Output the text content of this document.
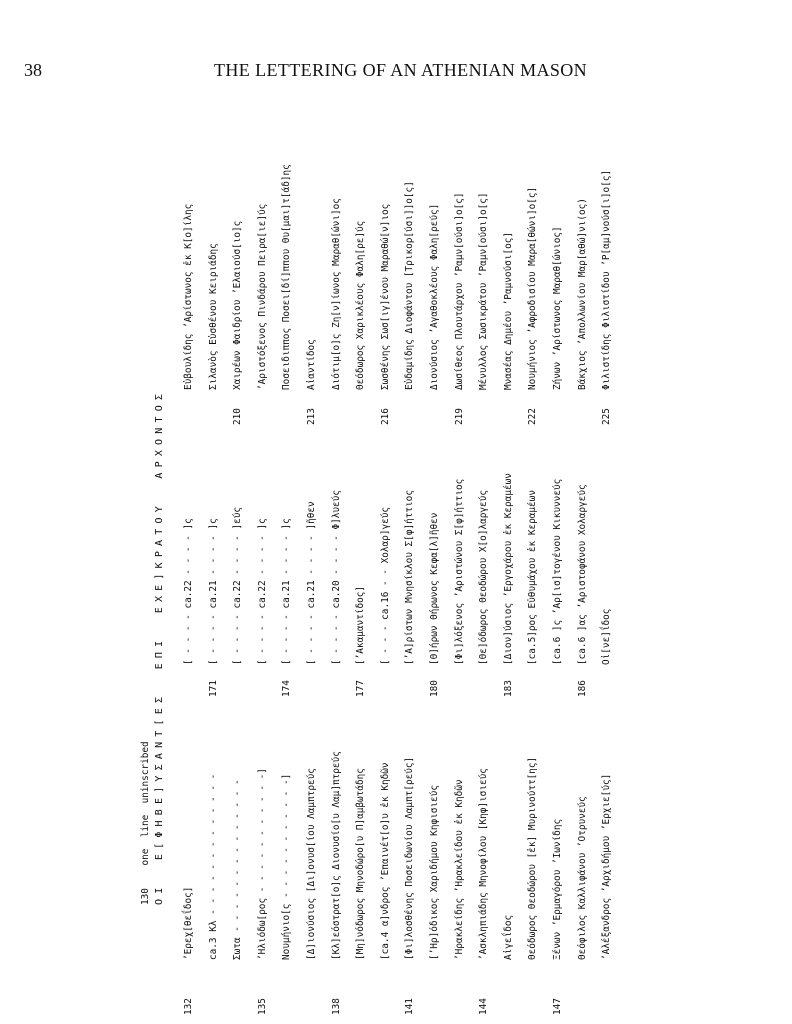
38	THE LETTERING OF AN ATHENIAN MASON
130    one  line  uninscribed ΟΙ  Ε[ΦΗΒΕ]ΥΣΑΝΤ[ΕΣ  ΕΠΙ  ΕΧΕ]ΚΡΑΤΟΥ  ΑΡΧΟΝΤΟΣ
132
’Ερεχ[θεΐδος] ca.3 Κλ - - - - - - - - - - - - - Σωτα - - - - - - - - - - - - - -
135
’Ηλιόδω[ρος - - - - - - - - - - -] Νουμήνιο[ς - - - - - - - - - - -] [Δ]ιονύσιος [Δι]ονυσ[ίου Λαμπτρεύς
138
[Κλ]εόστρατ[ο]ς Διονυσίο[υ Λαμ]πτρεύς [Μη]νόδωρος Μηνοδώρο[υ Π]αμβωτάδης [ca.4 α]νδρος ’Επαινέτ[ο]υ ἐκ Κηδῶν
141
[Φι]λοσθένης Ποσειδωνίου Λαμπτ[ρεύς] [’Ηρ]όδικος Χαριδήμου Κηφισιεύς ’Ηρακλείδης ’Ηρακλείδου ἐκ Κηδῶν
144
’Ασκληπιάδης Μηνοφίλου [Κηφ]ισιεύς Αἰγεΐδος Θεόδωρος Θεοδώρου [ἐκ] Μυρινούττ[ης]
147
Ξένων ’Ερμαγόρου ’Ιωνίδης Θεόφιλος Καλλιφάνου ’Οτρυνεύς ’Αλέξανδρος ’Αρχιδήμου ’Ερχιε[ύς]
[ - - - - ca.22 - - - - ]ς
171
[ - - - - ca.21 - - - - ]ς [ - - - - ca.22 - - - - ]εύς [ - - - - ca.22 - - - - ]ς
174
[ - - - - ca.21 - - - - ]ς [ - - - - ca.21 - - - - ]ῆθεν [ - - - - ca.20 - - - - Φ]λυεύς
177
[’Ακαμαντίδος] [ - - - ca.16 - - Χολαρ]γεύς [’Α]ρίστων Μνησίκλου Σ[φ]ήττιος
180
[Θ]ήρων Θήρωνος Κεφα[λ]ῆθεν [Φι]λόξενος ’Αριστώνου Σ[φ]ήττιος [Θε]όδωρος Θεοδώρου Χ[ο]λαργεύς
183
[Διον]ύσιος ’Εργοχάρου ἐκ Κεραμέων [ca.5]ρος Εὐθυμάχου ἐκ Κεραμέων [ca.6 ]ς ’Αρ[ισ]τογένου Κικυννεύς
186
[ca.6 ]ας ’Αριστοφάνου Χολαργεύς Οἰ[νε]ΐδος
Εὐβουλίδης ’Αρίστωνος ἐκ Κ[ο]ίλης Σιλανὸς Εὐσθένου Κειριάδης
210
Χαιρέων Φαιδρίου ’Ελαιούσ[ιο]ς ’Αριστόξενος Πινδάρου Πειρα[ιε]ύς Ποσειδιππος Ποσει[δί]ππου Θυ[μαι]τ[άδ]ης
213
Αἰαντίδος Διότιμ[ο]ς Ζη[ν]ίωνος Μαραθ[ώνι]ος Θεόδωρος Χαρικλέους Φαλη[ρε]ύς
216
Σωσθένης Σωσ[ιγ]ένου Μαραθώ[ν]ιος Εὐδαμίδης Διοφάντου [Τρικορ[ύσι]]ο[ς] Διονύσιος ’Αγαθοκλέους Φαλη[ρεύς]
219
Δωσίθεος Πλουτάρχου ’Ραμν[ούσι]ο[ς] Μένυλλος Σωσικράτου ’Ραμν[ούσι]ο[ς] Μνασέας Δημέου ’Ραμνούσι[ος]
222
Νουμήνιος ’Αφροδισίου Μαρα[θώνι]ο[ς] Ζήνων ’Αρίστωνος Μαραθ[ώνιος] Βάκχιος ’Απολλωνίου Μαρ[αθώ]νι(ος)
225
Φιλιστίδης Φιλιστίδου ’Ρ[αμ]νούσ[ι]ο[ς]
